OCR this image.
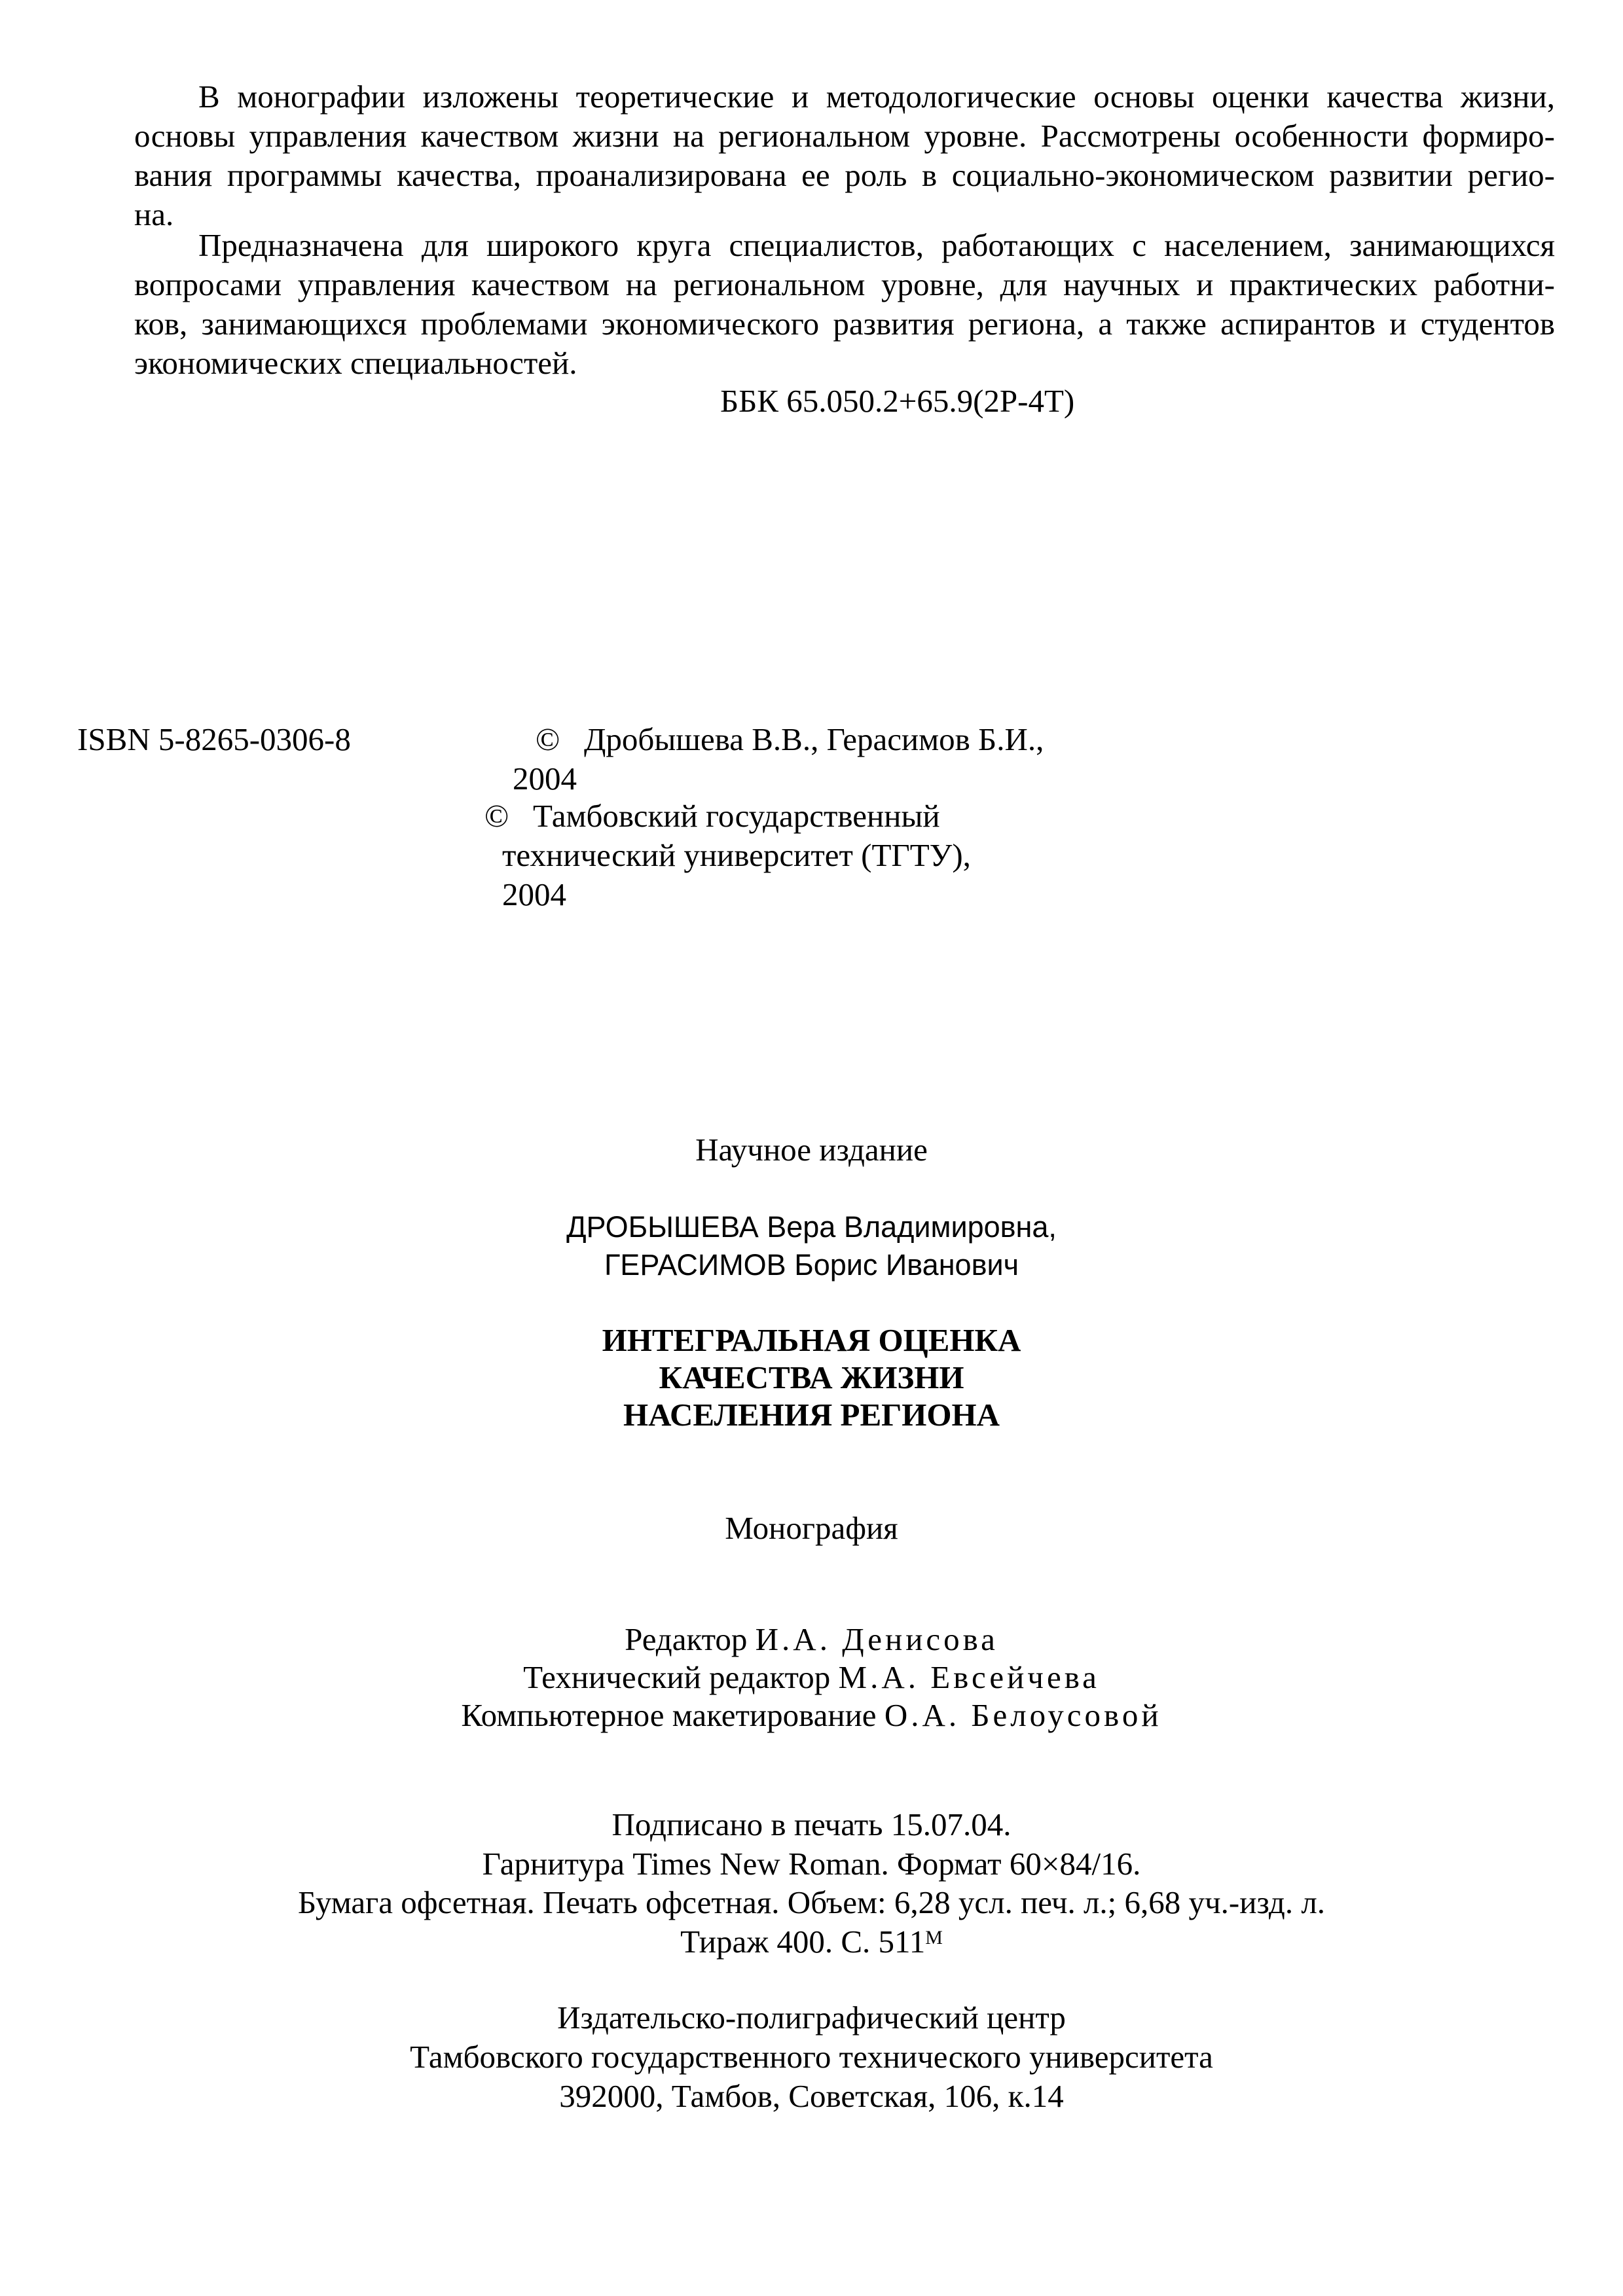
В монографии изложены теоретические и методологические основы оценки качества жизни,
основы управления качеством жизни на региональном уровне. Рассмотрены особенности формиро-
вания программы качества, проанализирована ее роль в социально-экономическом развитии регио-
на.
Предназначена для широкого круга специалистов, работающих с населением, занимающихся
вопросами управления качеством на региональном уровне, для научных и практических работни-
ков, занимающихся проблемами экономического развития региона, а также аспирантов и студентов
экономических специальностей.
ББК 65.050.2+65.9(2Р-4Т)
ISBN 5-8265-0306-8	© Дробышева В.В., Герасимов Б.И.,
2004
© Тамбовский государственный
технический университет (ТГТУ),
2004
Научное издание
ДРОБЫШЕВА Вера Владимировна,
ГЕРАСИМОВ Борис Иванович
ИНТЕГРАЛЬНАЯ ОЦЕНКА
КАЧЕСТВА ЖИЗНИ
НАСЕЛЕНИЯ РЕГИОНА
Монография
Редактор И.А. Денисова
Технический редактор М.А. Евсейчева
Компьютерное макетирование О.А. Белоусовой
Подписано в печать 15.07.04.
Гарнитура Times New Roman. Формат 60×84/16.
Бумага офсетная. Печать офсетная. Объем: 6,28 усл. печ. л.; 6,68 уч.-изд. л.
Тираж 400. С. $511^М$
Издательско-полиграфический центр
Тамбовского государственного технического университета
392000, Тамбов, Советская, 106, к.14
